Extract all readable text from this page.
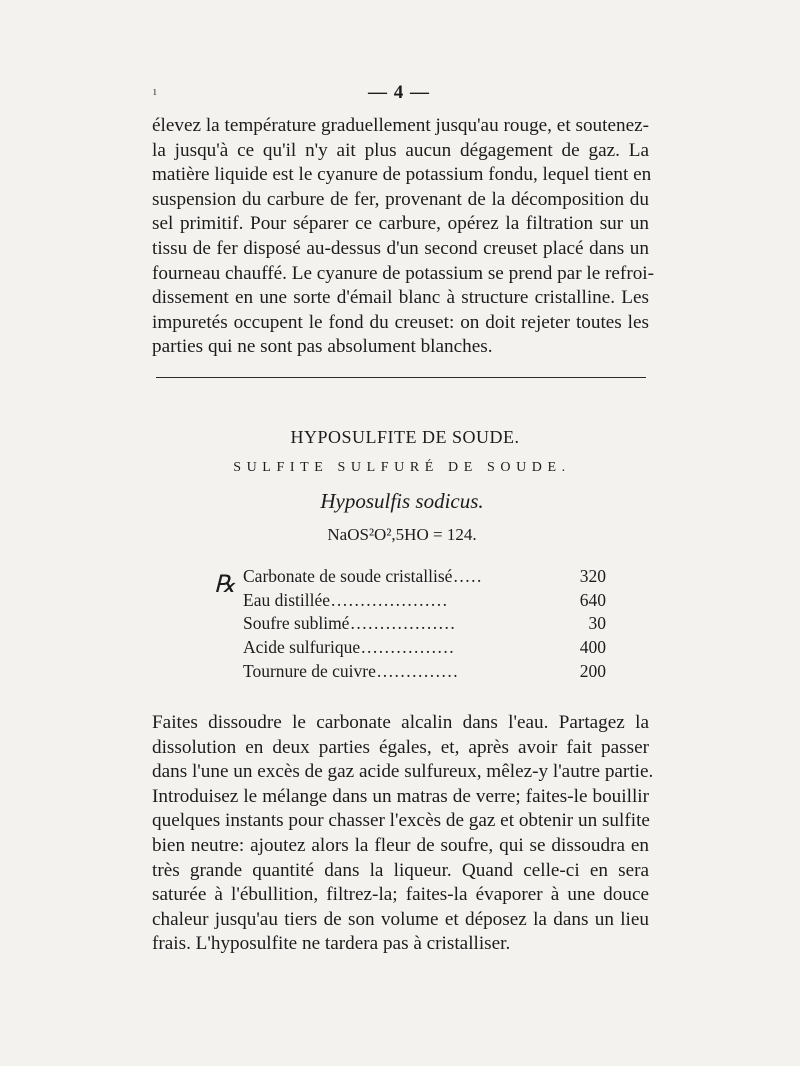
ı	— 4 —
élevez la température graduellement jusqu'au rouge, et soutenez-
la jusqu'à ce qu'il n'y ait plus aucun dégagement de gaz. La
matière liquide est le cyanure de potassium fondu, lequel tient en
suspension du carbure de fer, provenant de la décomposition du
sel primitif. Pour séparer ce carbure, opérez la filtration sur un
tissu de fer disposé au-dessus d'un second creuset placé dans un
fourneau chauffé. Le cyanure de potassium se prend par le refroi-
dissement en une sorte d'émail blanc à structure cristalline. Les
impuretés occupent le fond du creuset: on doit rejeter toutes les
parties qui ne sont pas absolument blanches.
HYPOSULFITE DE SOUDE.
SULFITE SULFURÉ DE SOUDE.
Hyposulfis sodicus.
NaOS²O²,5HO = 124.
℞ Carbonate de soude cristallisé .....	320
Eau distillée ....................	640
Soufre sublimé ..................	30
Acide sulfurique ................	400
Tournure de cuivre ..............	200
Faites dissoudre le carbonate alcalin dans l'eau. Partagez la
dissolution en deux parties égales, et, après avoir fait passer
dans l'une un excès de gaz acide sulfureux, mêlez-y l'autre partie.
Introduisez le mélange dans un matras de verre; faites-le bouillir
quelques instants pour chasser l'excès de gaz et obtenir un sulfite
bien neutre: ajoutez alors la fleur de soufre, qui se dissoudra en
très grande quantité dans la liqueur. Quand celle-ci en sera
saturée à l'ébullition, filtrez-la; faites-la évaporer à une douce
chaleur jusqu'au tiers de son volume et déposez la dans un lieu
frais. L'hyposulfite ne tardera pas à cristalliser.
